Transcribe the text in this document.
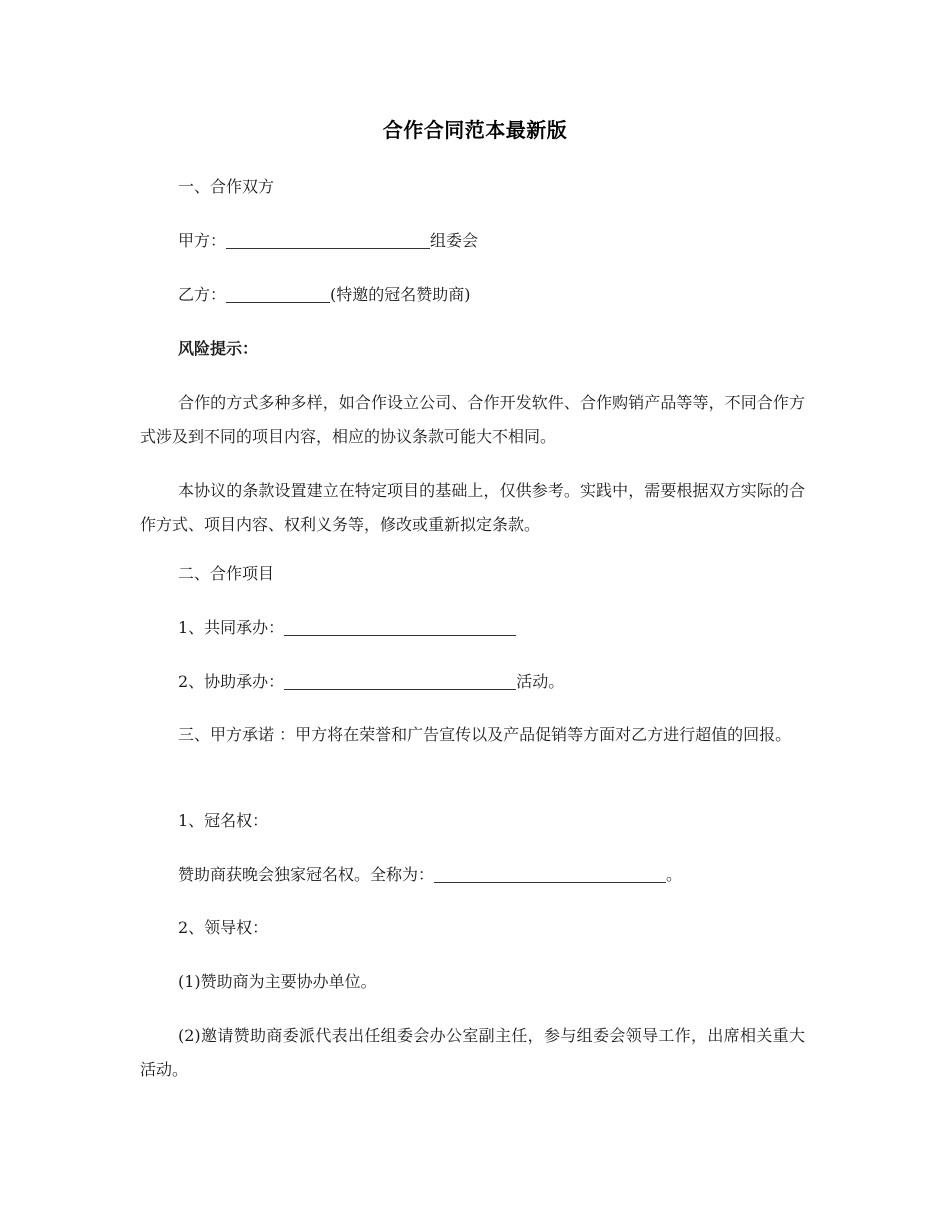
合作合同范本最新版
一、合作双方
甲方：	组委会
乙方：	(特邀的冠名赞助商)
风险提示：
合作的方式多种多样，如合作设立公司、合作开发软件、合作购销产品等等，不同合作方式涉及到不同的项目内容，相应的协议条款可能大不相同。
本协议的条款设置建立在特定项目的基础上，仅供参考。实践中，需要根据双方实际的合作方式、项目内容、权利义务等，修改或重新拟定条款。
二、合作项目
1、共同承办：
2、协助承办：	活动。
三、甲方承诺 ：甲方将在荣誉和广告宣传以及产品促销等方面对乙方进行超值的回报。
1、冠名权：
赞助商获晚会独家冠名权。全称为：	。
2、领导权：
(1)赞助商为主要协办单位。
(2)邀请赞助商委派代表出任组委会办公室副主任，参与组委会领导工作，出席相关重大活动。
